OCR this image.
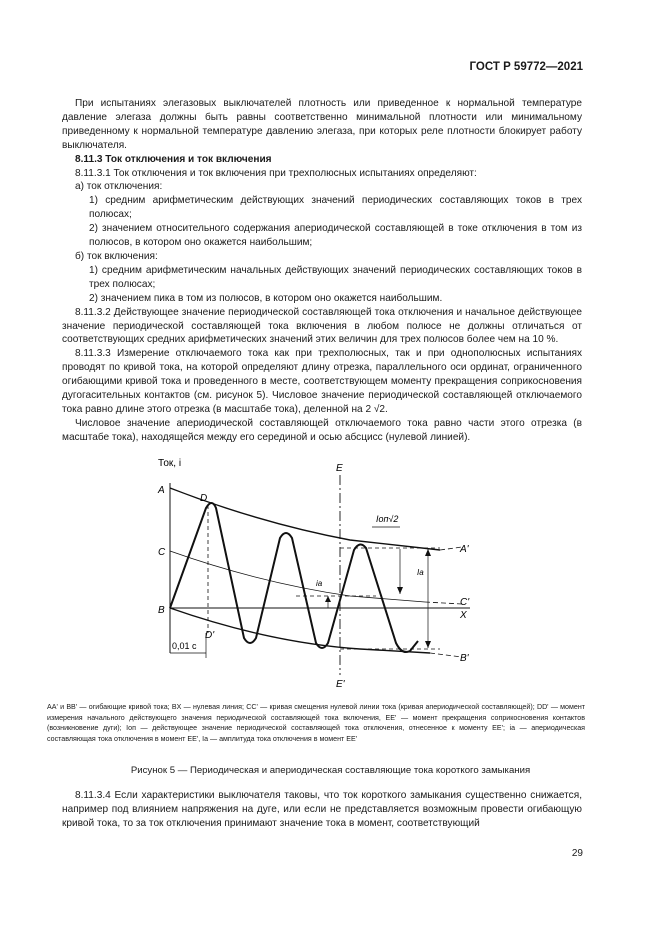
ГОСТ Р 59772—2021

При испытаниях элегазовых выключателей плотность или приведенное к нормальной температуре давление элегаза должны быть равны соответственно минимальной плотности или минимальному приведенному к нормальной температуре давлению элегаза, при которых реле плотности блокирует работу выключателя.

8.11.3 Ток отключения и ток включения

8.11.3.1 Ток отключения и ток включения при трехполюсных испытаниях определяют:

а) ток отключения:

1) средним арифметическим действующих значений периодических составляющих токов в трех полюсах;

2) значением относительного содержания апериодической составляющей в токе отключения в том из полюсов, в котором оно окажется наибольшим;

б) ток включения:

1) средним арифметическим начальных действующих значений периодических составляющих токов в трех полюсах;

2) значением пика в том из полюсов, в котором оно окажется наибольшим.

8.11.3.2 Действующее значение периодической составляющей тока отключения и начальное действующее значение периодической составляющей тока включения в любом полюсе не должны отличаться от соответствующих средних арифметических значений этих величин для трех полюсов более чем на 10 %.

8.11.3.3 Измерение отключаемого тока как при трехполюсных, так и при однополюсных испытаниях проводят по кривой тока, на которой определяют длину отрезка, параллельного оси ординат, ограниченного огибающими кривой тока и проведенного в месте, соответствующем моменту прекращения соприкосновения дугогасительных контактов (см. рисунок 5). Числовое значение периодической составляющей отключаемого тока равно длине этого отрезка (в масштабе тока), деленной на 2 √2.

Числовое значение апериодической составляющей отключаемого тока равно части этого отрезка (в масштабе тока), находящейся между его серединой и осью абсцисс (нулевой линией).

Ток, i
A
C
B
D
D'
E
E'
A'
C'
X
B'
Iоп√2
ia
Ia
0,01 с
AA' и BB' — огибающие кривой тока; BX — нулевая линия; CC' — кривая смещения нулевой линии тока (кривая апериодической составляющей); DD' — момент измерения начального действующего значения периодической составляющей тока включения, EE' — момент прекращения соприкосновения контактов (возникновение дуги); Iоп — действующее значение периодической составляющей тока отключения, отнесенное к моменту EE'; ia — апериодическая составляющая тока отключения в момент EE', Ia — амплитуда тока отключения в момент EE'
Рисунок 5 — Периодическая и апериодическая составляющие тока короткого замыкания

8.11.3.4 Если характеристики выключателя таковы, что ток короткого замыкания существенно снижается, например под влиянием напряжения на дуге, или если не представляется возможным провести огибающую кривой тока, то за ток отключения принимают значение тока в момент, соответствующий

29
